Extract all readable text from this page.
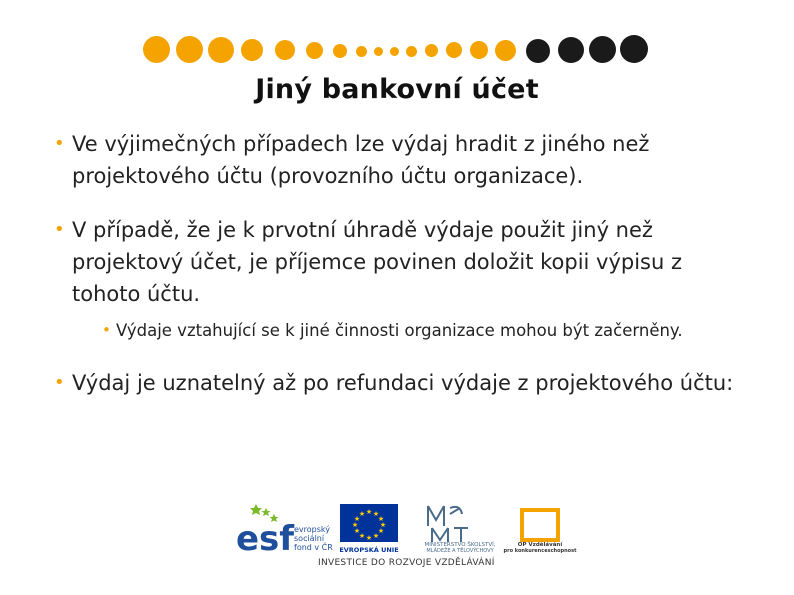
Jiný bankovní účet
• Ve výjimečných případech lze výdaj hradit z jiného než projektového účtu (provozního účtu organizace).
• V případě, že je k prvotní úhradě výdaje použit jiný než projektový účet, je příjemce povinen doložit kopii výpisu z tohoto účtu.
• Výdaje vztahující se k jiné činnosti organizace mohou být začerněny.
• Výdaj je uznatelný až po refundaci výdaje z projektového účtu:
esf evropský
sociální
fond v ČR
★ ★
★
★
★
★
★
★
★
★
★
★
EVROPSKÁ UNIE
MINISTERSTVO ŠKOLSTVÍ,
MLÁDEŽE A TĚLOVÝCHOVY
OP Vzdělávání
pro konkurenceschopnost
INVESTICE DO ROZVOJE VZDĚLÁVÁNÍ
